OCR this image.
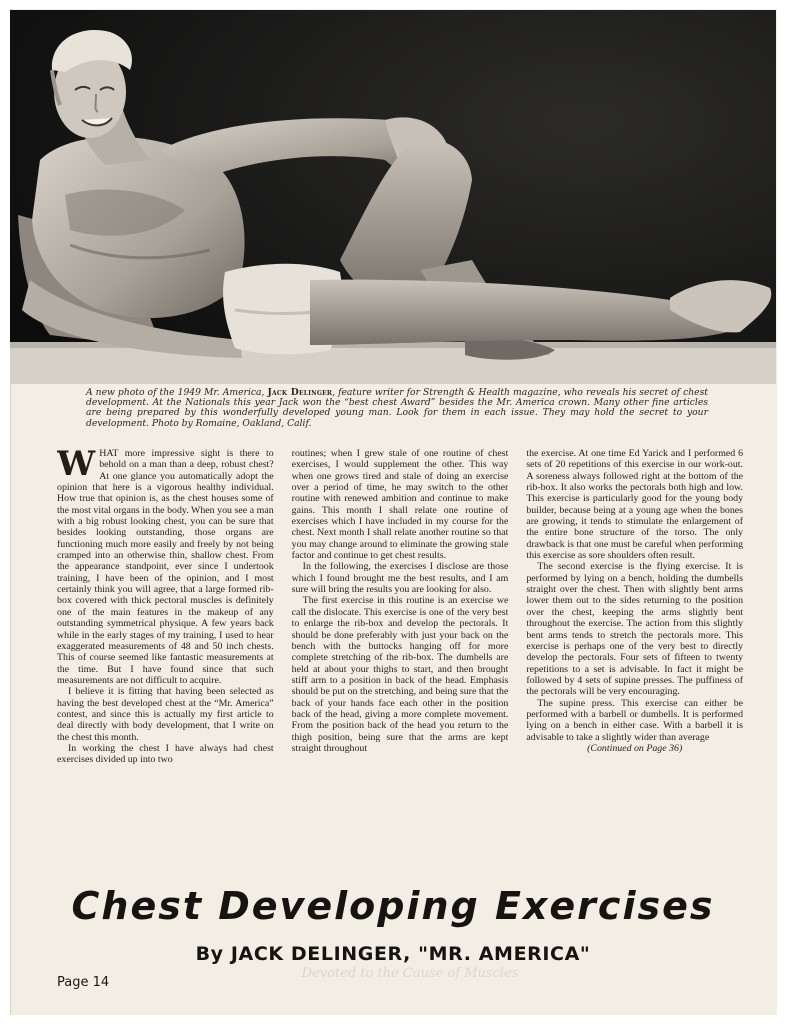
A new photo of the 1949 Mr. America, Jack Delinger, feature writer for Strength & Health magazine, who reveals his secret of chest development. At the Nationals this year Jack won the “best chest Award” besides the Mr. America crown. Many other fine articles are being prepared by this wonderfully developed young man. Look for them in each issue. They may hold the secret to your development. Photo by Romaine, Oakland, Calif.

WHAT more impressive sight is there to behold on a man than a deep, robust chest? At one glance you automatically adopt the opinion that here is a vigorous healthy individual. How true that opinion is, as the chest houses some of the most vital organs in the body. When you see a man with a big robust looking chest, you can be sure that besides looking outstanding, those organs are functioning much more easily and freely by not being cramped into an otherwise thin, shallow chest. From the appearance standpoint, ever since I undertook training, I have been of the opinion, and I most certainly think you will agree, that a large formed rib-box covered with thick pectoral muscles is definitely one of the main features in the makeup of any outstanding symmetrical physique. A few years back while in the early stages of my training, I used to hear exaggerated measurements of 48 and 50 inch chests. This of course seemed like fantastic measurements at the time. But I have found since that such measurements are not difficult to acquire.

I believe it is fitting that having been selected as having the best developed chest at the “Mr. America” contest, and since this is actually my first article to deal directly with body development, that I write on the chest this month.

In working the chest I have always had chest exercises divided up into two

routines; when I grew stale of one routine of chest exercises, I would supplement the other. This way when one grows tired and stale of doing an exercise over a period of time, he may switch to the other routine with renewed ambition and continue to make gains. This month I shall relate one routine of exercises which I have included in my course for the chest. Next month I shall relate another routine so that you may change around to eliminate the growing stale factor and continue to get chest results.

In the following, the exercises I disclose are those which I found brought me the best results, and I am sure will bring the results you are looking for also.

The first exercise in this routine is an exercise we call the dislocate. This exercise is one of the very best to enlarge the rib-box and develop the pectorals. It should be done preferably with just your back on the bench with the buttocks hanging off for more complete stretching of the rib-box. The dumbells are held at about your thighs to start, and then brought stiff arm to a position in back of the head. Emphasis should be put on the stretching, and being sure that the back of your hands face each other in the position back of the head, giving a more complete movement. From the position back of the head you return to the thigh position, being sure that the arms are kept straight throughout

the exercise. At one time Ed Yarick and I performed 6 sets of 20 repetitions of this exercise in our work-out. A soreness always followed right at the bottom of the rib-box. It also works the pectorals both high and low. This exercise is particularly good for the young body builder, because being at a young age when the bones are growing, it tends to stimulate the enlargement of the entire bone structure of the torso. The only drawback is that one must be careful when performing this exercise as sore shoulders often result.

The second exercise is the flying exercise. It is performed by lying on a bench, holding the dumbells straight over the chest. Then with slightly bent arms lower them out to the sides returning to the position over the chest, keeping the arms slightly bent throughout the exercise. The action from this slightly bent arms tends to stretch the pectorals more. This exercise is perhaps one of the very best to directly develop the pectorals. Four sets of fifteen to twenty repetitions to a set is advisable. In fact it might be followed by 4 sets of supine presses. The puffiness of the pectorals will be very encouraging.

The supine press. This exercise can either be performed with a barbell or dumbells. It is performed lying on a bench in either case. With a barbell it is advisable to take a slightly wider than average

(Continued on Page 36)

Chest Developing Exercises
By JACK DELINGER, "MR. AMERICA"
Devoted to the Cause of Muscles
Page 14
